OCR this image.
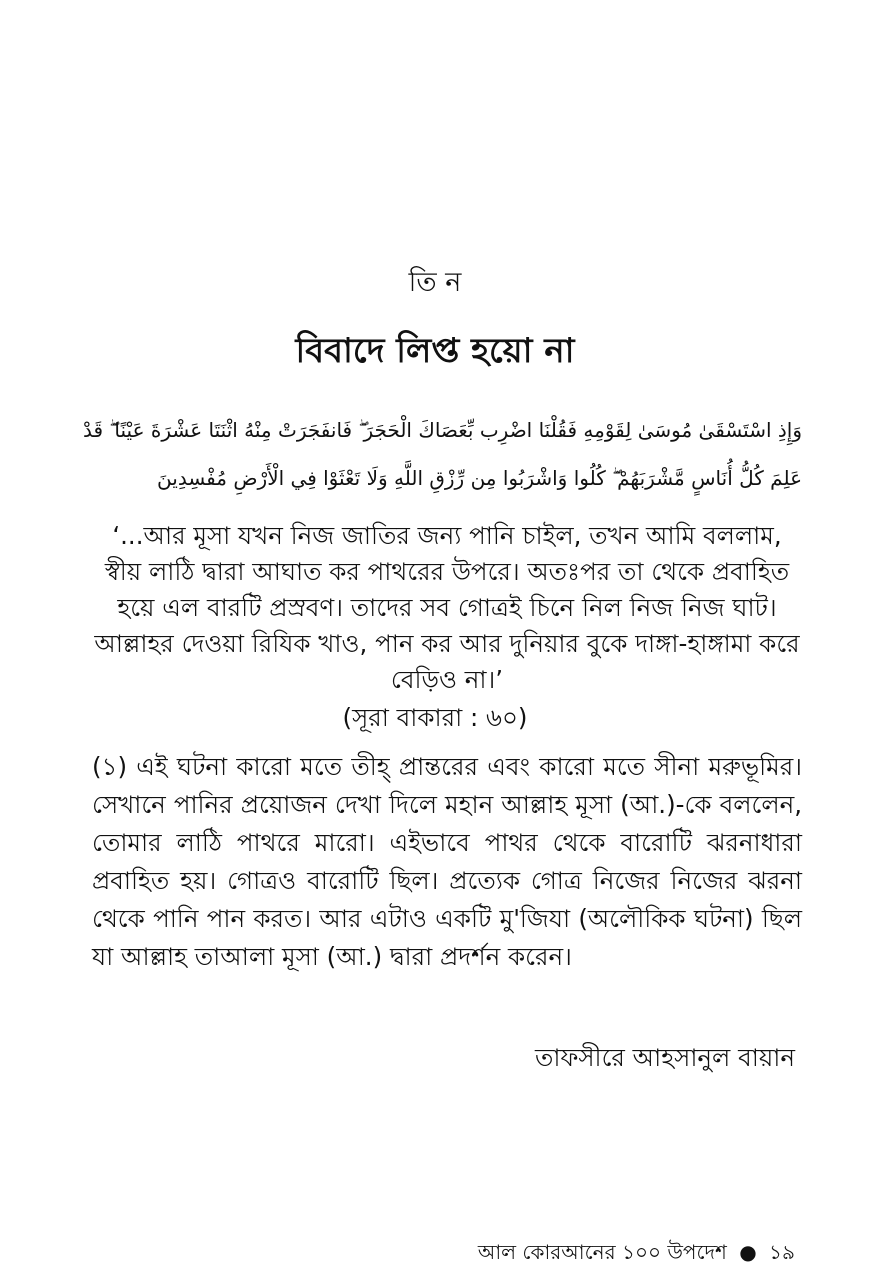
তি ন
বিবাদে লিপ্ত হয়ো না
وَإِذِ اسْتَسْقَىٰ مُوسَىٰ لِقَوْمِهِ فَقُلْنَا اضْرِب بِّعَصَاكَ الْحَجَرَ ۖ فَانفَجَرَتْ مِنْهُ اثْنَتَا عَشْرَةَ عَيْنًا ۖ قَدْ
عَلِمَ كُلُّ أُنَاسٍ مَّشْرَبَهُمْ ۖ كُلُوا وَاشْرَبُوا مِن رِّزْقِ اللَّهِ وَلَا تَعْثَوْا فِي الْأَرْضِ مُفْسِدِينَ
‘...আর মূসা যখন নিজ জাতির জন্য পানি চাইল, তখন আমি বললাম, স্বীয় লাঠি দ্বারা আঘাত কর পাথরের উপরে। অতঃপর তা থেকে প্রবাহিত হয়ে এল বারটি প্রস্রবণ। তাদের সব গোত্রই চিনে নিল নিজ নিজ ঘাট। আল্লাহর দেওয়া রিযিক খাও, পান কর আর দুনিয়ার বুকে দাঙ্গা-হাঙ্গামা করে বেড়িও না।’
(সূরা বাকারা : ৬০)
(১) এই ঘটনা কারো মতে তীহ্ প্রান্তরের এবং কারো মতে সীনা মরুভূমির। সেখানে পানির প্রয়োজন দেখা দিলে মহান আল্লাহ মূসা (আ.)-কে বললেন, তোমার লাঠি পাথরে মারো। এইভাবে পাথর থেকে বারোটি ঝরনাধারা প্রবাহিত হয়। গোত্রও বারোটি ছিল। প্রত্যেক গোত্র নিজের নিজের ঝরনা থেকে পানি পান করত। আর এটাও একটি মু'জিযা (অলৌকিক ঘটনা) ছিল যা আল্লাহ তাআলা মূসা (আ.) দ্বারা প্রদর্শন করেন।
তাফসীরে আহসানুল বায়ান
আল কোরআনের ১০০ উপদেশ ● ১৯
